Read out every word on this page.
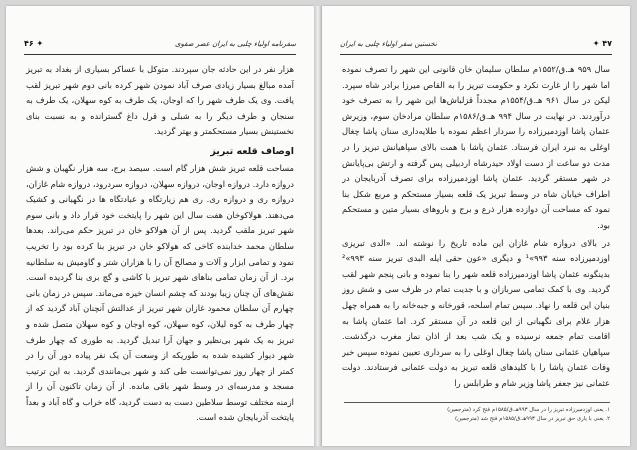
۴۶ ✦	سفرنامه اولیاء چلبی به ایران عصر صفوی

هزار نفر در این حادثه جان سپردند. متوکل با عساکر بسیاری از بغداد به تبریز آمده مبالغ بسیار زیادی صرف آباد نمودن شهر کرده بانی دوم شهر تبریز لقب یافت. وی یک طرف شهر را که اوجان، یک طرف به کوه سهلان، یک طرف به سنجان و طرف دیگر را به شبلی و قرل داغ گسترانده و به نسبت بنای نخستینش بسیار مستحکمتر و بهتر گردید.

اوصاف قلعه تبریز

مساحت قلعه تبریز شش هزار گام است. سیصد برج، سه هزار نگهبان و شش دروازه دارد. دروازه اوجان، دروازه سهلان، دروازه سردرود، دروازه شام غازان، دروازه ری و دروازه ری. ری هم زیارتگاه و عبادتگاه ها در نگهبانی و کشیک می‌دهند. هولاکوخان هفت سال این شهر را پایتخت خود قرار داد و بانی سوم شهر تبریز ملقب گردید. پس از آن هولاکو خان در تبریز حکم می‌راند. بعدها سلطان محمد خدابنده کاخی که هولاکو خان در تبریز بنا کرده بود را تخریب نمود و تمامی ابزار و آلات و مصالح آن را با هزاران شتر و گاومیش به سلطانیه برد. از آن زمان تمامی بناهای شهر تبریز با کاشی و گچ بری بنا گردیده است. نقش‌های آن چنان زیبا بودند که چشم انسان خیره می‌ماند. سپس در زمان بانی چهارم آن سلطان محمود غازان شهر تبریز از عدالتش آنچنان آباد گردید که از چهار طرف به کوه لیلان، کوه سهلان، کوه اوجان و کوه سهلان متصل شده و تبریز به یک شهر بی‌نظیر و جهان آرا تبدیل گردید. به طوری که چهار طرف شهر دیوار کشیده شده به طوریکه از وسعت آن یک نفر پیاده دور آن را در کمتر از چهار روز نمی‌توانست طی کند و شهر بی‌مانندی گردید. به این ترتیب مسجد و مدرسه‌ای در وسط شهر باقی مانده. از آن زمان تاکنون آن را از ازمنه مختلف توسط سلاطین دست به دست گردید، گاه خراب و گاه آباد و بعداً پایتخت آذربایجان شده است.

نخستین سفر اولیاء چلبی به ایران	✦ ۴۷

سال ۹۵۹ هـ.ق/۱۵۵۲م سلطان سلیمان خان قانونی این شهر را تصرف نموده اما شهر را از غارت نکرد و حکومت تبریز را به القاص میرزا برادر شاه سپرد. لیکن در سال ۹۶۱ هـ.ق/۱۵۵۴م مجدداً قزلباش‌ها این شهر را به تصرف خود درآوردند. در نهایت در سال ۹۹۴ هـ.ق/۱۵۸۶م سلطان مرادخان سوم، وزیرش عثمان پاشا اوزدمیرزاده را سردار اعظم نموده با طلایه‌داری سنان پاشا چغال اوغلی به نبرد ایران فرستاد. عثمان پاشا با همت بالای سپاهیانش تبریز را در مدت دو ساعت از دست اولاد حیدرشاه اردبیلی پس گرفته و ارتش بی‌پایانش در شهر مستقر گردید. عثمان پاشا اوزدمیرزاده برای تصرف آذربایجان در اطراف خیابان شاه در وسط تبریز یک قلعه بسیار مستحکم و مربع شکل بنا نمود که مساحت آن دوازده هزار ذرع و برج و باروهای بسیار متین و مستحکم بود.

در بالای دروازه شام غازان این ماده تاریخ را نوشته اند. «الدى تبریزی اوزدمیرزاده سنه ۹۹۳»¹ و دیگری «عون حقی ایله البدی تبریز سنه ۹۹۳»² بدینگونه عثمان پاشا اوزدمیرزاده قلعه شهر را بنا نموده و بانی پنجم شهر لقب گردید. وی با کمک تمامی سربازان و با جدیت تمام در ظرف سی و شش روز بنیان این قلعه را نهاد. سپس تمام اسلحه، قورخانه و جبه‌خانه را به همراه چهل هزار غلام برای نگهبانی از این قلعه در آن مستقر کرد. اما عثمان پاشا به اقامت تمام جمعه نرسیده و یک شب بعد از اذان نماز مغرب درگذشت. سپاهیان عثمانی سنان پاشا چغال اوغلی را به سرداری تعیین نموده سپس خبر وفات عثمان پاشا را با کلیدهای قلعه تبریز به دولت عثمانی فرستادند. دولت عثمانی نیز جعفر پاشا وزیر شام و طرابلس را

۱. یعنی اوزدمیرزاده تبریز را در سال ۹۹۳هـ.ق/۱۵۸۵م فتح کرد (مترجمین)
۲. یعنی با یاری حق تبریز در سال ۹۹۳هـ.ق/۱۵۸۵م فتح شد (مترجمین)
